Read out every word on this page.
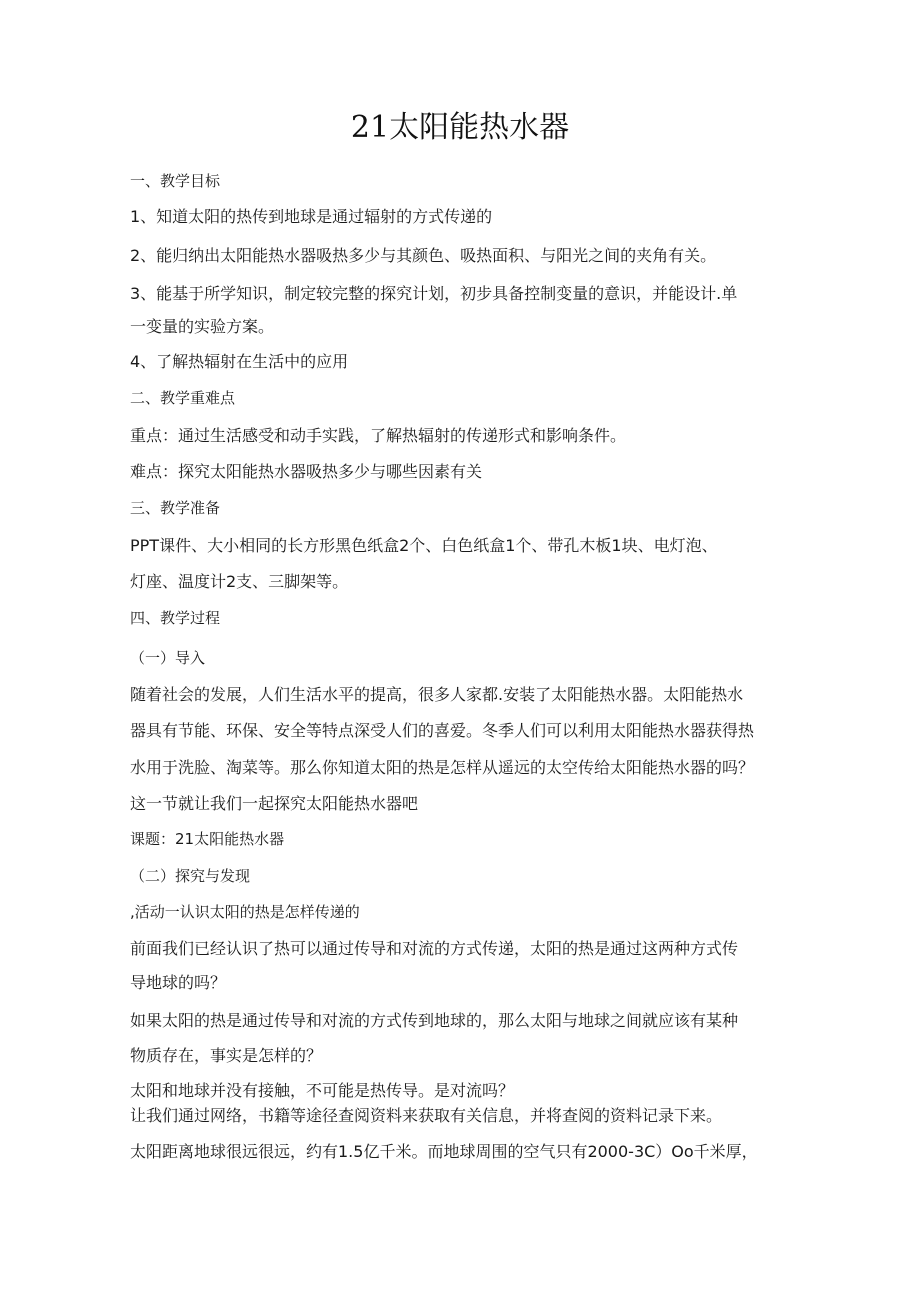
21太阳能热水器
一、教学目标
1、知道太阳的热传到地球是通过辐射的方式传递的
2、能归纳出太阳能热水器吸热多少与其颜色、吸热面积、与阳光之间的夹角有关。
3、能基于所学知识，制定较完整的探究计划，初步具备控制变量的意识，并能设计.单
一变量的实验方案。
4、了解热辐射在生活中的应用
二、教学重难点
重点：通过生活感受和动手实践，了解热辐射的传递形式和影响条件。
难点：探究太阳能热水器吸热多少与哪些因素有关
三、教学准备
PPT课件、大小相同的长方形黑色纸盒2个、白色纸盒1个、带孔木板1块、电灯泡、
灯座、温度计2支、三脚架等。
四、教学过程
（一）导入
随着社会的发展，人们生活水平的提高，很多人家都.安装了太阳能热水器。太阳能热水
器具有节能、环保、安全等特点深受人们的喜爱。冬季人们可以利用太阳能热水器获得热
水用于洗脸、淘菜等。那么你知道太阳的热是怎样从遥远的太空传给太阳能热水器的吗？
这一节就让我们一起探究太阳能热水器吧
课题：21太阳能热水器
（二）探究与发现
,活动一认识太阳的热是怎样传递的
前面我们已经认识了热可以通过传导和对流的方式传递，太阳的热是通过这两种方式传
导地球的吗？
如果太阳的热是通过传导和对流的方式传到地球的，那么太阳与地球之间就应该有某种
物质存在，事实是怎样的？
太阳和地球并没有接触，不可能是热传导。是对流吗？
让我们通过网络，书籍等途径查阅资料来获取有关信息，并将查阅的资料记录下来。
太阳距离地球很远很远，约有1.5亿千米。而地球周围的空气只有2000-3C）Oo千米厚，
